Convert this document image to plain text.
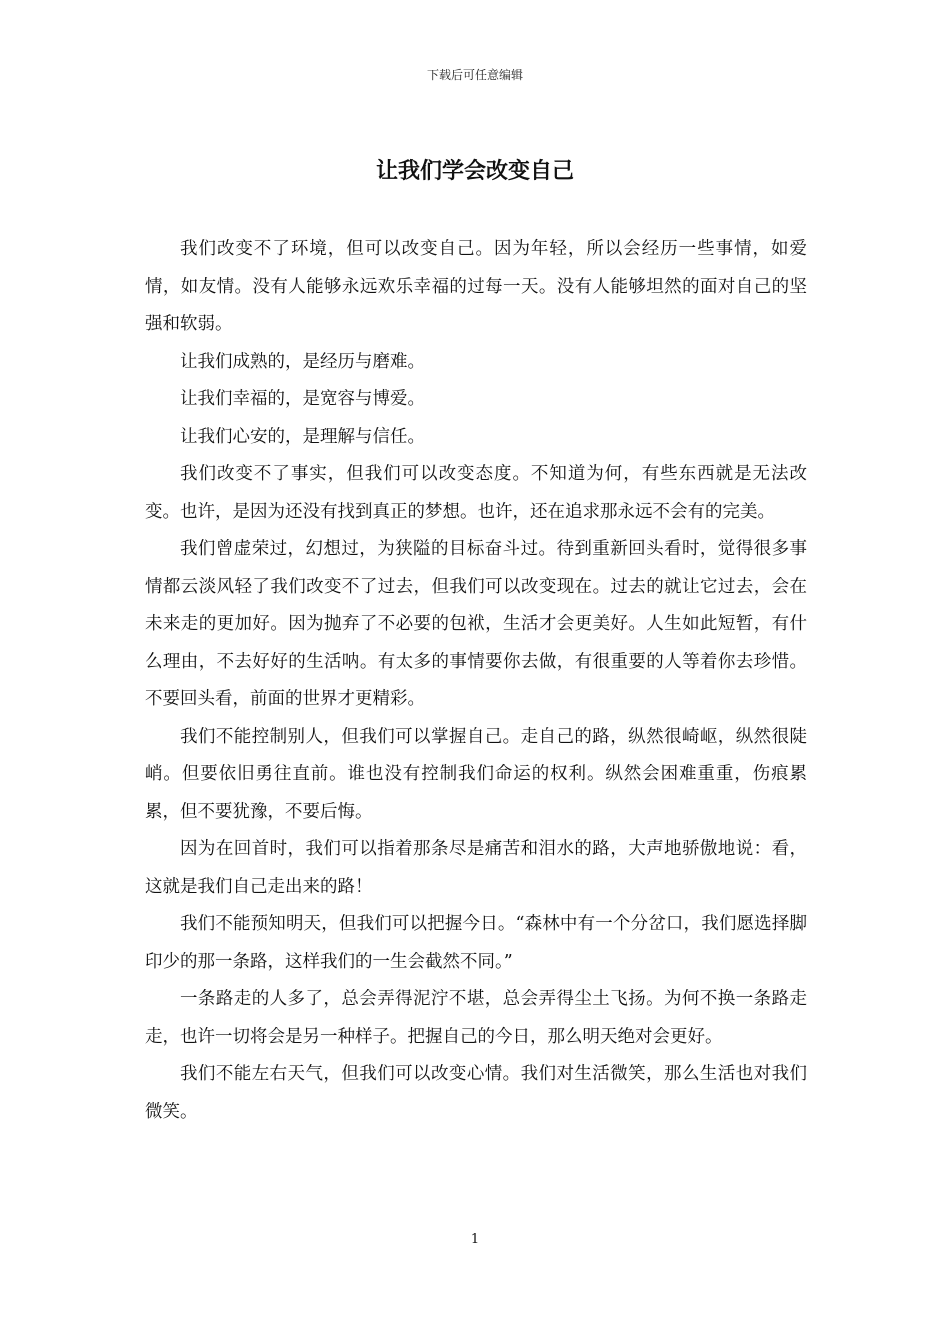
下载后可任意编辑
让我们学会改变自己

我们改变不了环境，但可以改变自己。因为年轻，所以会经历一些事情，如爱情，如友情。没有人能够永远欢乐幸福的过每一天。没有人能够坦然的面对自己的坚强和软弱。

让我们成熟的，是经历与磨难。

让我们幸福的，是宽容与博爱。

让我们心安的，是理解与信任。

我们改变不了事实，但我们可以改变态度。不知道为何，有些东西就是无法改变。也许，是因为还没有找到真正的梦想。也许，还在追求那永远不会有的完美。

我们曾虚荣过，幻想过，为狭隘的目标奋斗过。待到重新回头看时，觉得很多事情都云淡风轻了我们改变不了过去，但我们可以改变现在。过去的就让它过去，会在未来走的更加好。因为抛弃了不必要的包袱，生活才会更美好。人生如此短暂，有什么理由，不去好好的生活呐。有太多的事情要你去做，有很重要的人等着你去珍惜。不要回头看，前面的世界才更精彩。

我们不能控制别人，但我们可以掌握自己。走自己的路，纵然很崎岖，纵然很陡峭。但要依旧勇往直前。谁也没有控制我们命运的权利。纵然会困难重重，伤痕累累，但不要犹豫，不要后悔。

因为在回首时，我们可以指着那条尽是痛苦和泪水的路，大声地骄傲地说：看，这就是我们自己走出来的路！

我们不能预知明天，但我们可以把握今日。“森林中有一个分岔口，我们愿选择脚印少的那一条路，这样我们的一生会截然不同。”

一条路走的人多了，总会弄得泥泞不堪，总会弄得尘土飞扬。为何不换一条路走走，也许一切将会是另一种样子。把握自己的今日，那么明天绝对会更好。

我们不能左右天气，但我们可以改变心情。我们对生活微笑，那么生活也对我们微笑。

1
